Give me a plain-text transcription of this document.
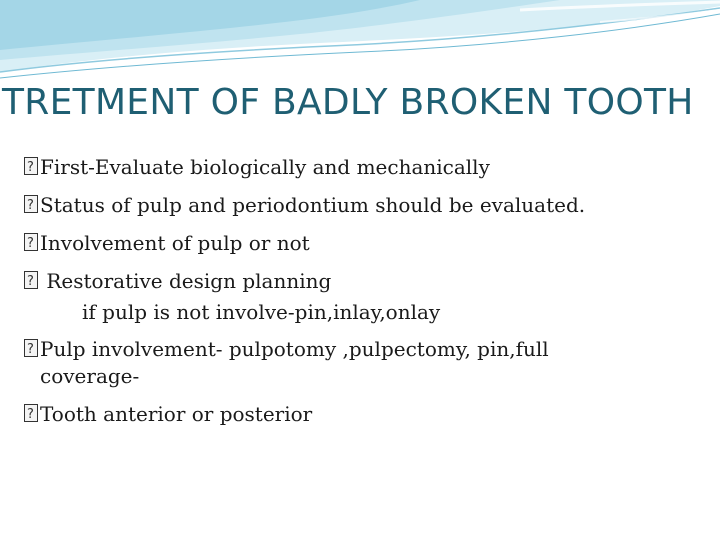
TRETMENT OF BADLY BROKEN TOOTH
?
First-Evaluate biologically and mechanically
?
Status of pulp and periodontium should be evaluated.
?
Involvement of pulp or not
?
Restorative design planning
if pulp is not involve-pin,inlay,onlay
?
Pulp involvement- pulpotomy ,pulpectomy, pin,full
coverage-
?
Tooth anterior or posterior
